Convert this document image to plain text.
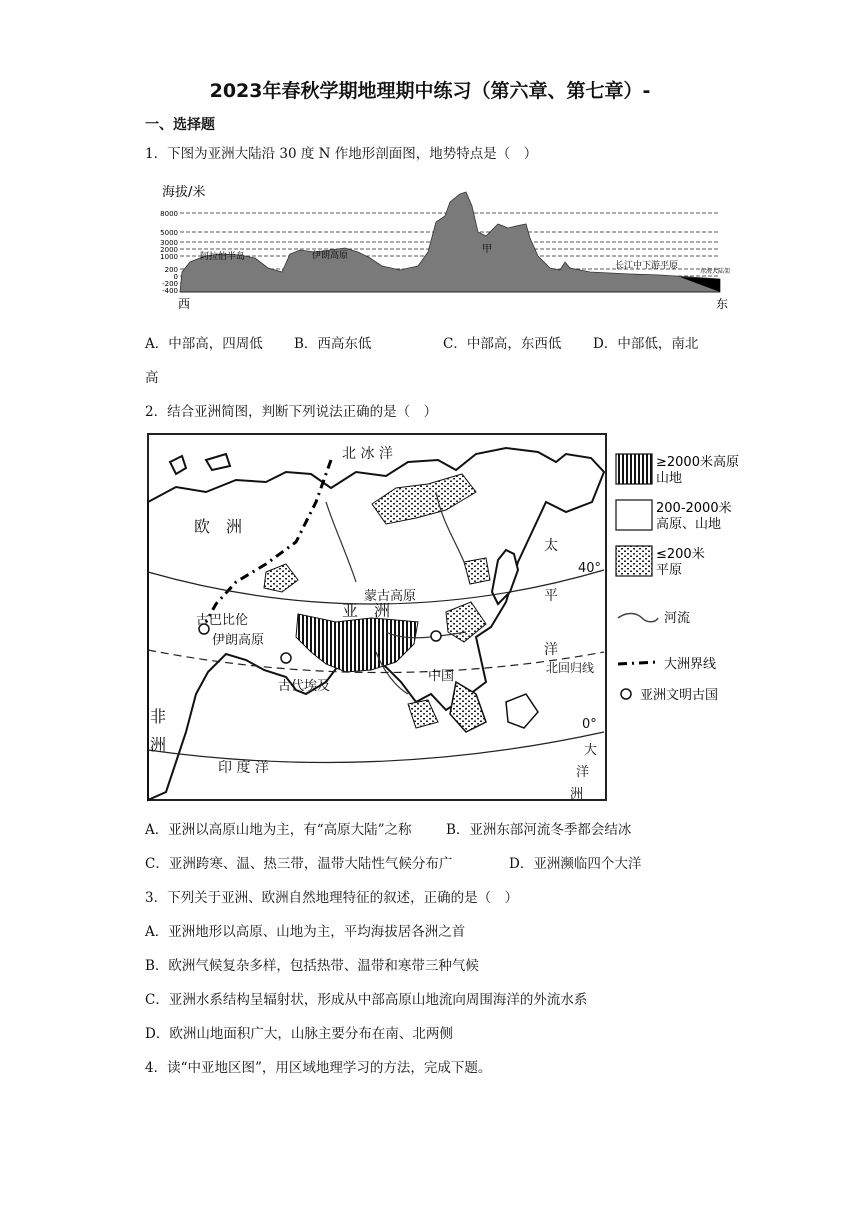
2023年春秋学期地理期中练习（第六章、第七章）-
一、选择题
1．下图为亚洲大陆沿 30 度 N 作地形剖面图，地势特点是（　）
海拔/米
8000
5000
3000
2000
1000
200
0
-200
-400
阿拉伯半岛	伊朗高原
甲
长江中下游平原
东海大陆架
西	东
A．中部高，四周低 B．西高东低	C．中部高，东西低 D．中部低，南北
高
2．结合亚洲简图，判断下列说法正确的是（　）
北 冰 洋
欧　洲
蒙古高原
亚　洲
古巴比伦
伊朗高原
古代埃及
中国
非
洲
印 度 洋
太
平
洋
40°
北回归线
0°
大
洋
洲
≥2000米高原
山地
200-2000米
高原、山地
≤200米
平原
河流
大洲界线
亚洲文明古国
A．亚洲以高原山地为主，有“高原大陆”之称	B．亚洲东部河流冬季都会结冰
C．亚洲跨寒、温、热三带，温带大陆性气候分布广	D．亚洲濒临四个大洋
3．下列关于亚洲、欧洲自然地理特征的叙述，正确的是（　）
A．亚洲地形以高原、山地为主，平均海拔居各洲之首
B．欧洲气候复杂多样，包括热带、温带和寒带三种气候
C．亚洲水系结构呈辐射状，形成从中部高原山地流向周围海洋的外流水系
D．欧洲山地面积广大，山脉主要分布在南、北两侧
4．读“中亚地区图”，用区域地理学习的方法，完成下题。
